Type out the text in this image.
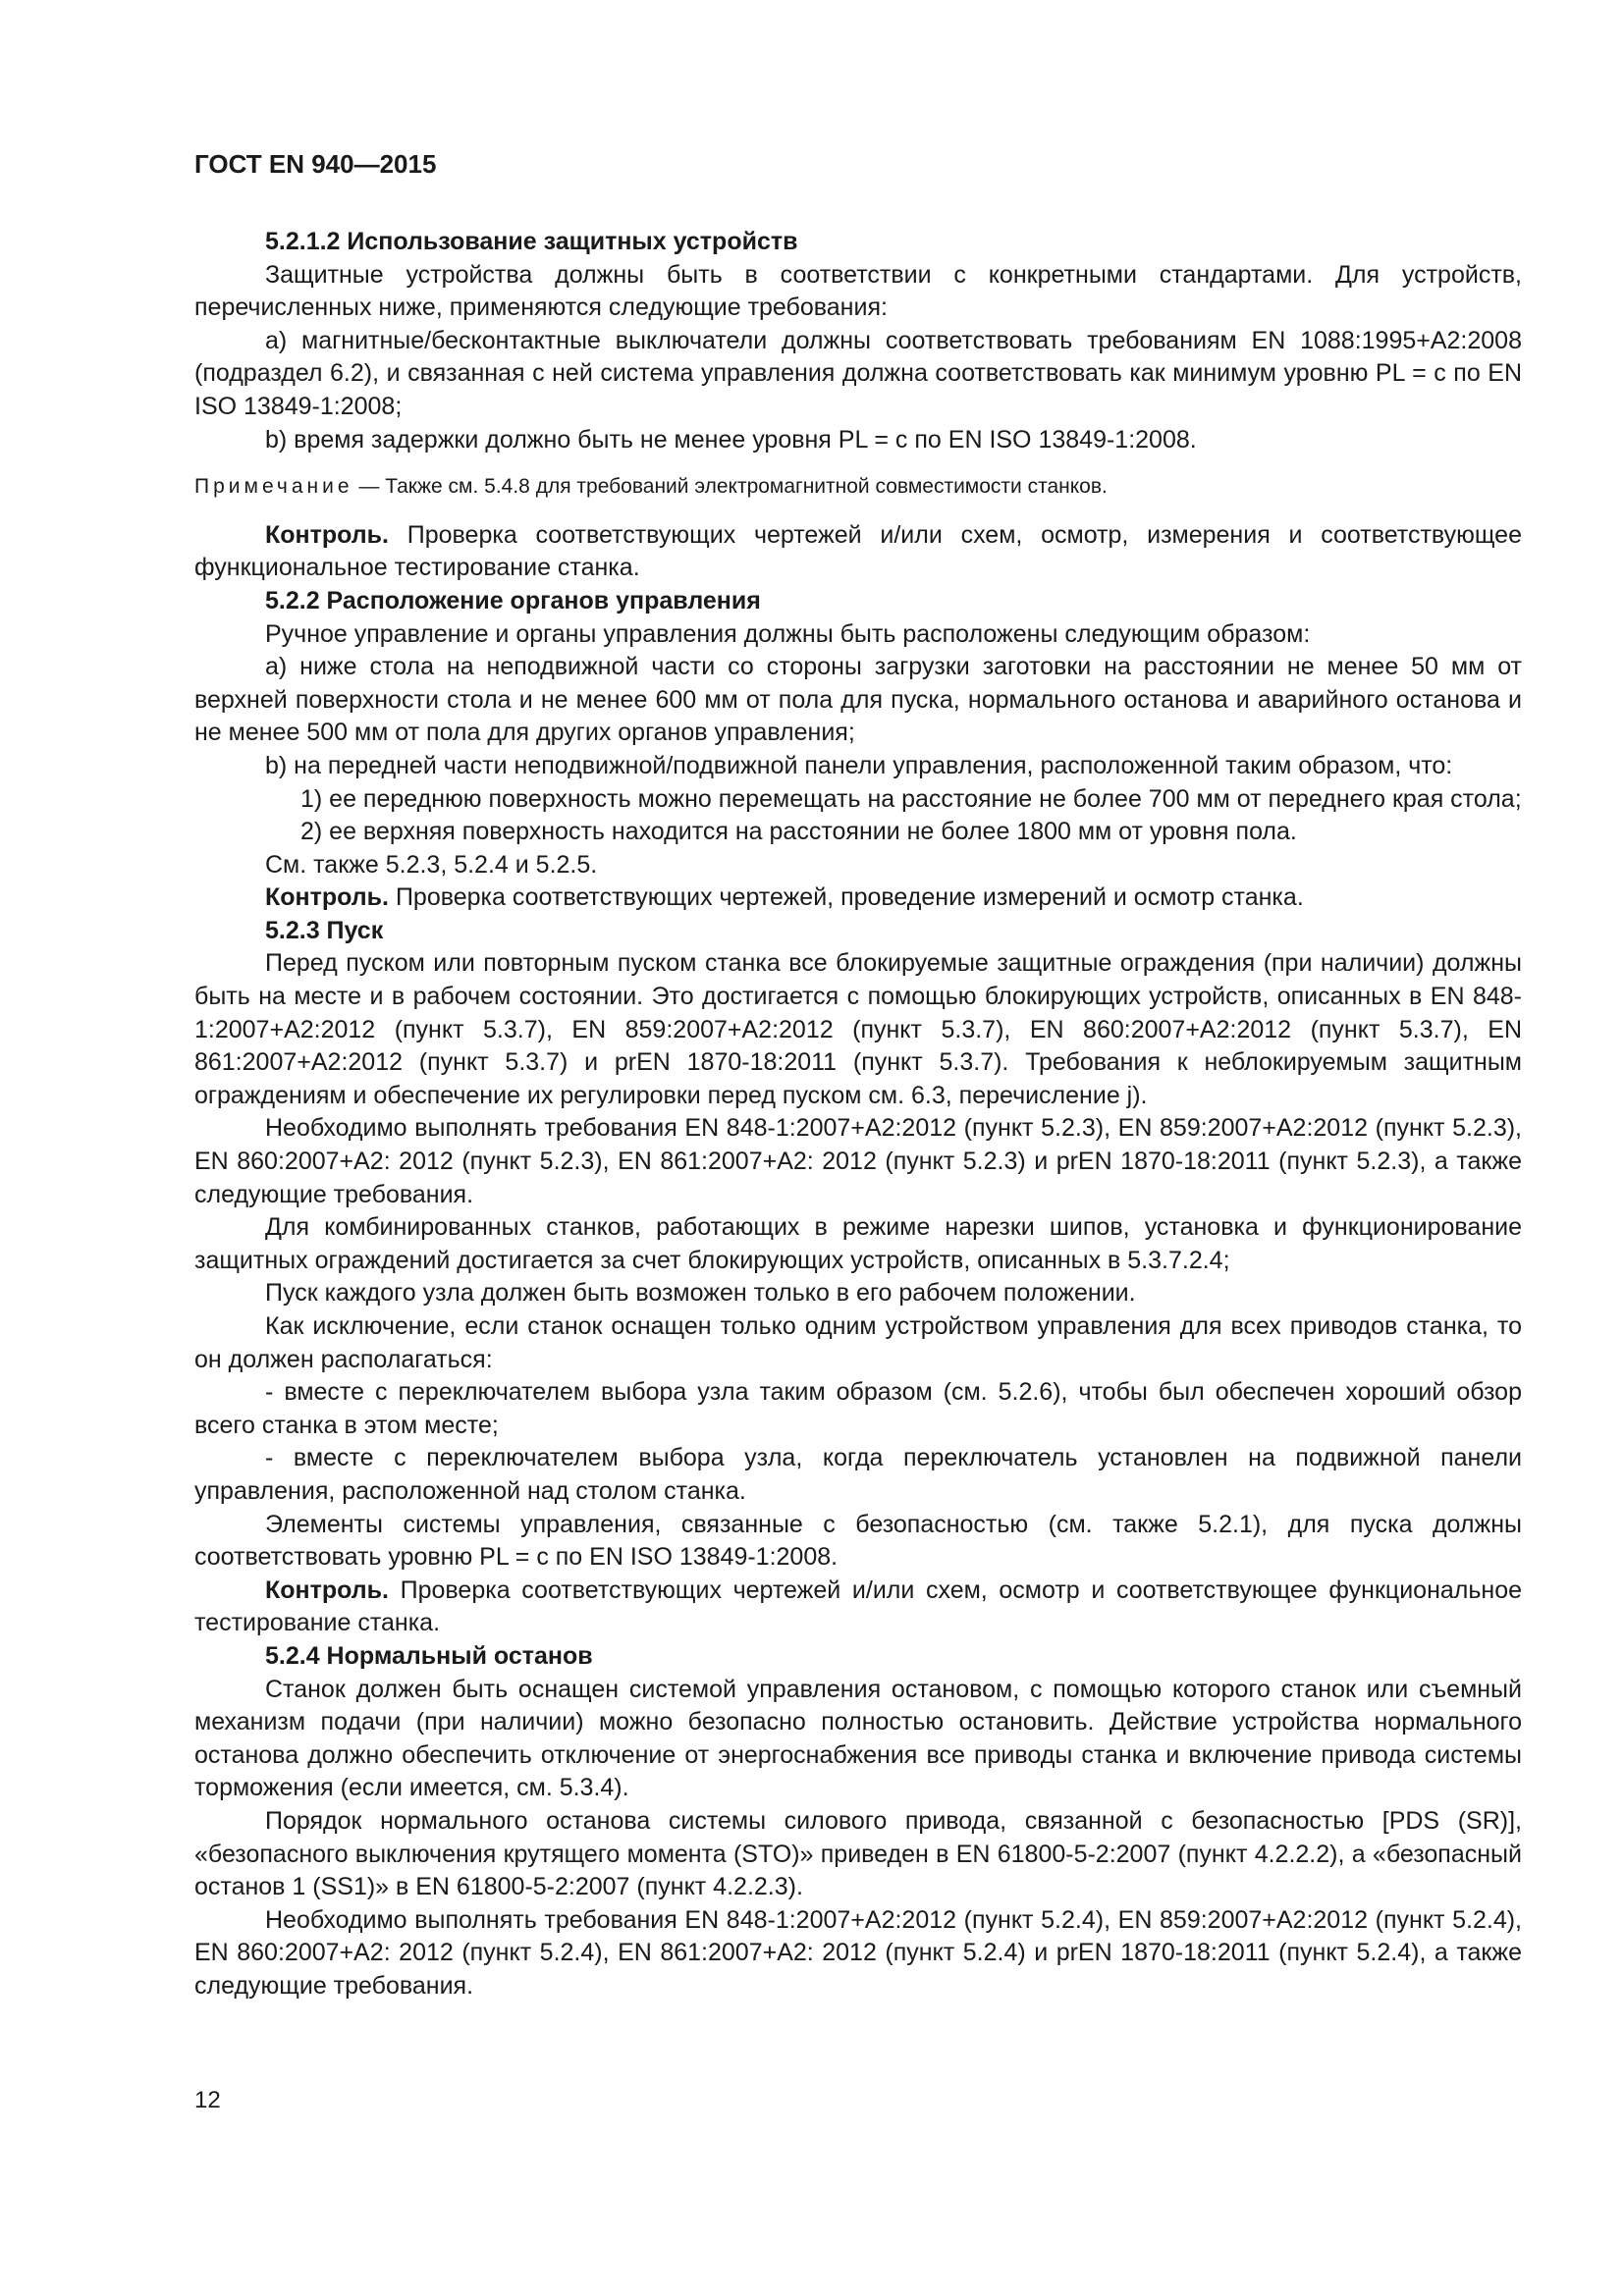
ГОСТ EN 940—2015
5.2.1.2 Использование защитных устройств

Защитные устройства должны быть в соответствии с конкретными стандартами. Для устройств, перечисленных ниже, применяются следующие требования:

a) магнитные/бесконтактные выключатели должны соответствовать требованиям EN 1088:1995+A2:2008 (подраздел 6.2), и связанная с ней система управления должна соответствовать как минимум уровню PL = c по EN ISO 13849-1:2008;

b) время задержки должно быть не менее уровня PL = c по EN ISO 13849-1:2008.

Примечание — Также см. 5.4.8 для требований электромагнитной совместимости станков.

Контроль. Проверка соответствующих чертежей и/или схем, осмотр, измерения и соответствующее функциональное тестирование станка.

5.2.2 Расположение органов управления

Ручное управление и органы управления должны быть расположены следующим образом:

a) ниже стола на неподвижной части со стороны загрузки заготовки на расстоянии не менее 50 мм от верхней поверхности стола и не менее 600 мм от пола для пуска, нормального останова и аварийного останова и не менее 500 мм от пола для других органов управления;

b) на передней части неподвижной/подвижной панели управления, расположенной таким образом, что:

1) ее переднюю поверхность можно перемещать на расстояние не более 700 мм от переднего края стола;

2) ее верхняя поверхность находится на расстоянии не более 1800 мм от уровня пола.

См. также 5.2.3, 5.2.4 и 5.2.5.

Контроль. Проверка соответствующих чертежей, проведение измерений и осмотр станка.

5.2.3 Пуск

Перед пуском или повторным пуском станка все блокируемые защитные ограждения (при наличии) должны быть на месте и в рабочем состоянии. Это достигается с помощью блокирующих устройств, описанных в EN 848-1:2007+A2:2012 (пункт 5.3.7), EN 859:2007+A2:2012 (пункт 5.3.7), EN 860:2007+A2:2012 (пункт 5.3.7), EN 861:2007+A2:2012 (пункт 5.3.7) и prEN 1870-18:2011 (пункт 5.3.7). Требования к неблокируемым защитным ограждениям и обеспечение их регулировки перед пуском см. 6.3, перечисление j).

Необходимо выполнять требования EN 848-1:2007+A2:2012 (пункт 5.2.3), EN 859:2007+A2:2012 (пункт 5.2.3), EN 860:2007+A2: 2012 (пункт 5.2.3), EN 861:2007+A2: 2012 (пункт 5.2.3) и prEN 1870-18:2011 (пункт 5.2.3), а также следующие требования.

Для комбинированных станков, работающих в режиме нарезки шипов, установка и функционирование защитных ограждений достигается за счет блокирующих устройств, описанных в 5.3.7.2.4;

Пуск каждого узла должен быть возможен только в его рабочем положении.

Как исключение, если станок оснащен только одним устройством управления для всех приводов станка, то он должен располагаться:

- вместе с переключателем выбора узла таким образом (см. 5.2.6), чтобы был обеспечен хороший обзор всего станка в этом месте;

- вместе с переключателем выбора узла, когда переключатель установлен на подвижной панели управления, расположенной над столом станка.

Элементы системы управления, связанные с безопасностью (см. также 5.2.1), для пуска должны соответствовать уровню PL = c по EN ISO 13849-1:2008.

Контроль. Проверка соответствующих чертежей и/или схем, осмотр и соответствующее функциональное тестирование станка.

5.2.4 Нормальный останов

Станок должен быть оснащен системой управления остановом, с помощью которого станок или съемный механизм подачи (при наличии) можно безопасно полностью остановить. Действие устройства нормального останова должно обеспечить отключение от энергоснабжения все приводы станка и включение привода системы торможения (если имеется, см. 5.3.4).

Порядок нормального останова системы силового привода, связанной с безопасностью [PDS (SR)], «безопасного выключения крутящего момента (STO)» приведен в EN 61800-5-2:2007 (пункт 4.2.2.2), а «безопасный останов 1 (SS1)» в EN 61800-5-2:2007 (пункт 4.2.2.3).

Необходимо выполнять требования EN 848-1:2007+A2:2012 (пункт 5.2.4), EN 859:2007+A2:2012 (пункт 5.2.4), EN 860:2007+A2: 2012 (пункт 5.2.4), EN 861:2007+A2: 2012 (пункт 5.2.4) и prEN 1870-18:2011 (пункт 5.2.4), а также следующие требования.

12
